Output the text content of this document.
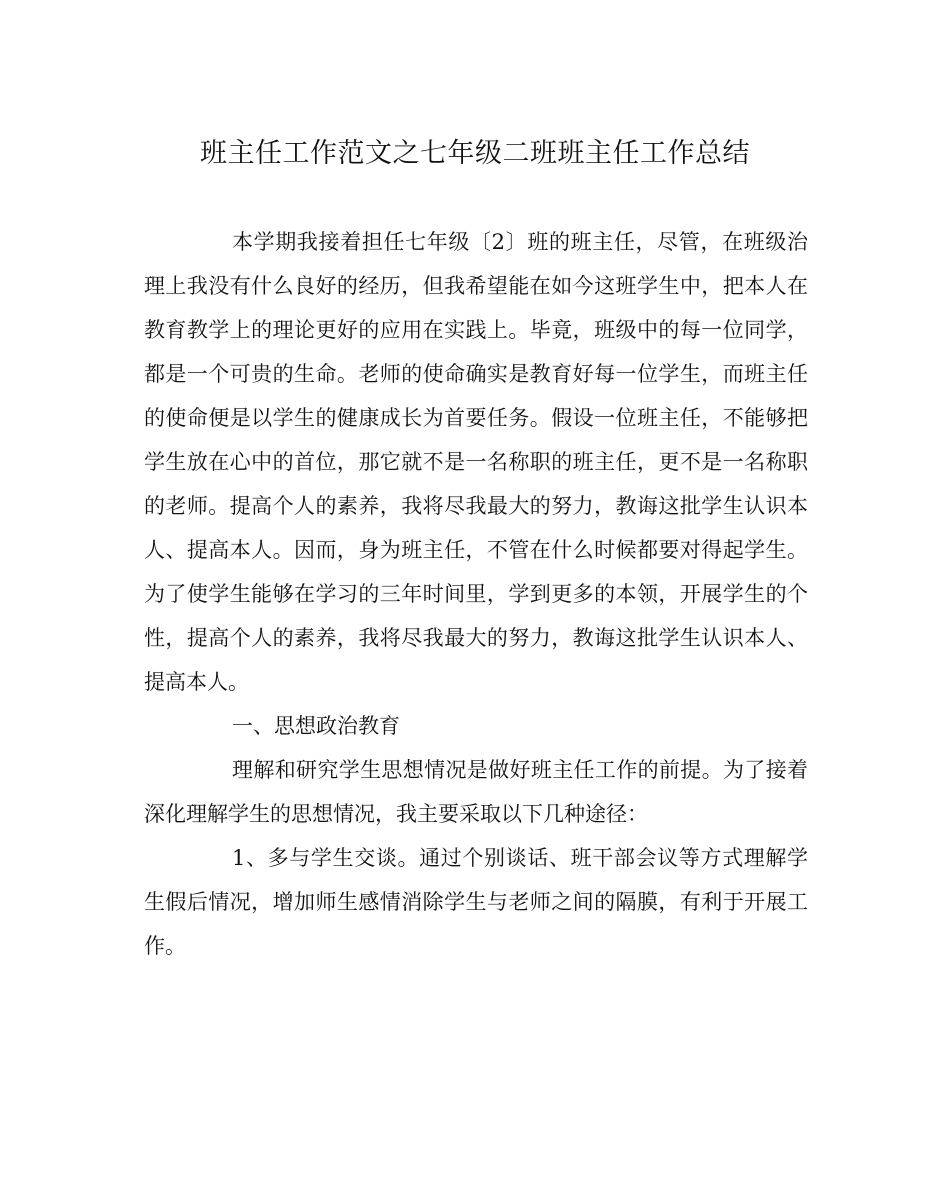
班主任工作范文之七年级二班班主任工作总结

本学期我接着担任七年级〔2〕班的班主任，尽管，在班级治理上我没有什么良好的经历，但我希望能在如今这班学生中，把本人在教育教学上的理论更好的应用在实践上。毕竟，班级中的每一位同学，都是一个可贵的生命。老师的使命确实是教育好每一位学生，而班主任的使命便是以学生的健康成长为首要任务。假设一位班主任，不能够把学生放在心中的首位，那它就不是一名称职的班主任，更不是一名称职的老师。提高个人的素养，我将尽我最大的努力，教诲这批学生认识本人、提高本人。因而，身为班主任，不管在什么时候都要对得起学生。为了使学生能够在学习的三年时间里，学到更多的本领，开展学生的个性，提高个人的素养，我将尽我最大的努力，教诲这批学生认识本人、提高本人。

一、思想政治教育

理解和研究学生思想情况是做好班主任工作的前提。为了接着深化理解学生的思想情况，我主要采取以下几种途径：

1、多与学生交谈。通过个别谈话、班干部会议等方式理解学生假后情况，增加师生感情消除学生与老师之间的隔膜，有利于开展工作。
